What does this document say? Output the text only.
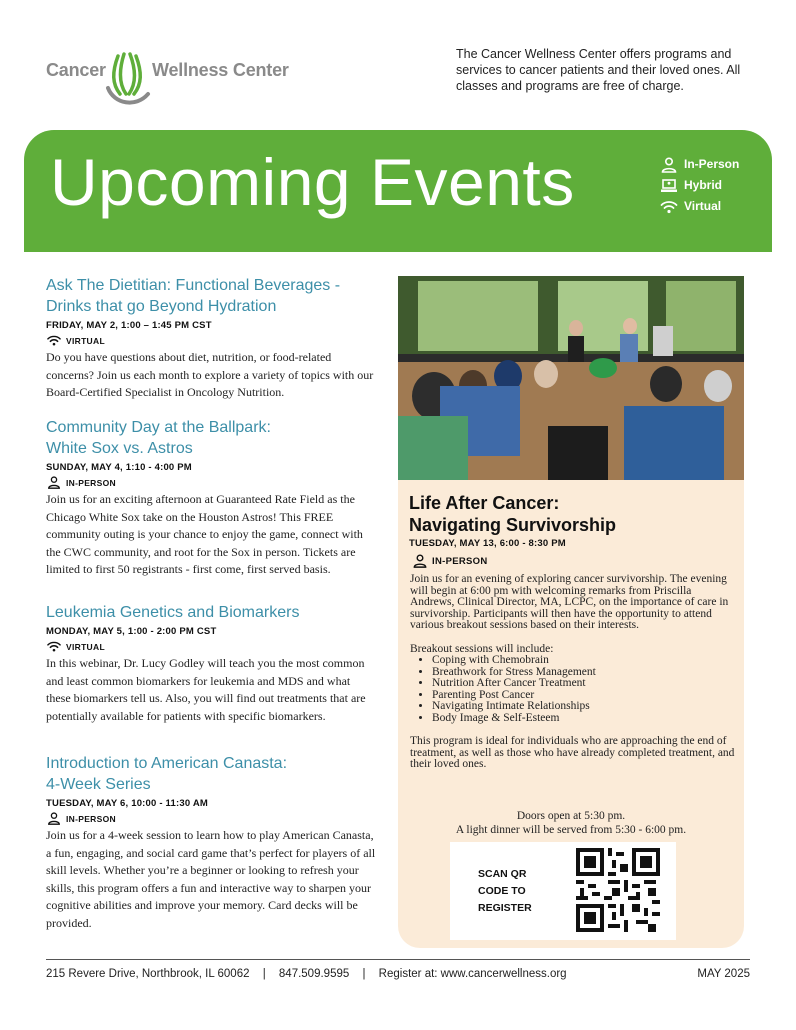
Cancer	Wellness Center
The Cancer Wellness Center offers programs and services to cancer patients and their loved ones. All classes and programs are free of charge.
Upcoming Events	In-Person
Hybrid
Virtual
Ask The Dietitian: Functional Beverages -
Drinks that go Beyond Hydration
FRIDAY, MAY 2, 1:00 – 1:45 PM CST
VIRTUAL
Do you have questions about diet, nutrition, or food-related concerns? Join us each month to explore a variety of topics with our Board-Certified Specialist in Oncology Nutrition.
Community Day at the Ballpark:
White Sox vs. Astros
SUNDAY, MAY 4, 1:10 - 4:00 PM
IN-PERSON
Join us for an exciting afternoon at Guaranteed Rate Field as the Chicago White Sox take on the Houston Astros! This FREE community outing is your chance to enjoy the game, connect with the CWC community, and root for the Sox in person. Tickets are limited to first 50 registrants - first come, first served basis.
Leukemia Genetics and Biomarkers
MONDAY, MAY 5, 1:00 - 2:00 PM CST
VIRTUAL
In this webinar, Dr. Lucy Godley will teach you the most common and least common biomarkers for leukemia and MDS and what these biomarkers tell us. Also, you will find out treatments that are potentially available for patients with specific biomarkers.
Introduction to American Canasta:
4-Week Series
TUESDAY, MAY 6, 10:00 - 11:30 AM
IN-PERSON
Join us for a 4-week session to learn how to play American Canasta, a fun, engaging, and social card game that’s perfect for players of all skill levels. Whether you’re a beginner or looking to refresh your skills, this program offers a fun and interactive way to sharpen your cognitive abilities and improve your memory. Card decks will be provided.
Life After Cancer:
Navigating Survivorship
TUESDAY, MAY 13, 6:00 - 8:30 PM
IN-PERSON

Join us for an evening of exploring cancer survivorship. The evening will begin at 6:00 pm with welcoming remarks from Priscilla Andrews, Clinical Director, MA, LCPC, on the importance of care in survivorship. Participants will then have the opportunity to attend various breakout sessions based on their interests.

Breakout sessions will include:

• Coping with Chemobrain
• Breathwork for Stress Management
• Nutrition After Cancer Treatment
• Parenting Post Cancer
• Navigating Intimate Relationships
• Body Image & Self-Esteem

This program is ideal for individuals who are approaching the end of treatment, as well as those who have already completed treatment, and their loved ones.

Doors open at 5:30 pm.
A light dinner will be served from 5:30 - 6:00 pm.
SCAN QR CODE TO REGISTER
215 Revere Drive, Northbrook, IL 60062 | 847.509.9595 | Register at: www.cancerwellness.org	MAY 2025
